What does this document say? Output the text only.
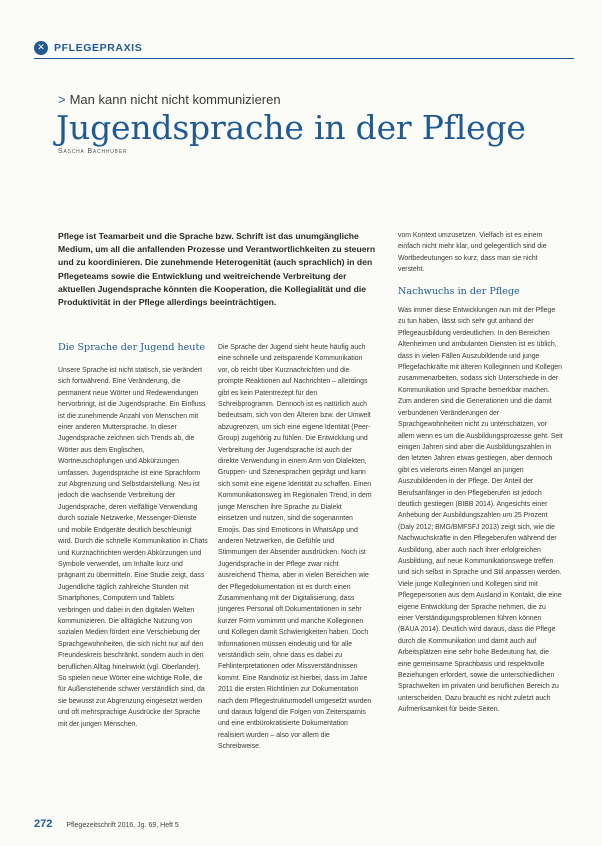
✕ PFLEGEPRAXIS
> Man kann nicht nicht kommunizieren
Jugendsprache in der Pflege
Sascha Bachhuber

Pflege ist Teamarbeit und die Sprache bzw. Schrift ist das unumgängliche Medium, um all die anfallenden Prozesse und Verantwortlichkeiten zu steuern und zu koordinieren. Die zunehmende Heterogenität (auch sprachlich) in den Pflegeteams sowie die Entwicklung und weitreichende Verbreitung der aktuellen Jugendsprache könnten die Kooperation, die Kollegialität und die Produktivität in der Pflege allerdings beeinträchtigen.

Die Sprache der Jugend heute

Unsere Sprache ist nicht statisch, sie verändert sich fortwährend. Eine Veränderung, die permanent neue Wörter und Redewendungen hervorbringt, ist die Jugendsprache. Ein Einfluss ist die zunehmende Anzahl von Menschen mit einer anderen Muttersprache. In dieser Jugendsprache zeichnen sich Trends ab, die Wörter aus dem Englischen, Wortneuschöpfungen und Abkürzungen umfassen. Jugendsprache ist eine Sprachform zur Abgrenzung und Selbstdarstellung. Neu ist jedoch die wachsende Verbreitung der Jugendsprache, deren vielfältige Verwendung durch soziale Netzwerke, Messenger-Dienste und mobile Endgeräte deutlich beschleunigt wird. Durch die schnelle Kommunikation in Chats und Kurznachrichten werden Abkürzungen und Symbole verwendet, um Inhalte kurz und prägnant zu übermitteln. Eine Studie zeigt, dass Jugendliche täglich zahlreiche Stunden mit Smartphones, Computern und Tablets verbringen und dabei in den digitalen Welten kommunizieren. Die alltägliche Nutzung von sozialen Medien fördert eine Verschiebung der Sprachgewohnheiten, die sich nicht nur auf den Freundeskreis beschränkt, sondern auch in den beruflichen Alltag hineinwirkt (vgl. Oberlander). So spielen neue Wörter eine wichtige Rolle, die für Außenstehende schwer verständlich sind, da sie bewusst zur Abgrenzung eingesetzt werden und oft mehrsprachige Ausdrücke der Sprache mit der jungen Menschen.

Die Sprache der Jugend sieht heute häufig auch eine schnelle und zeitsparende Kommunikation vor, ob reicht über Kurznachrichten und die prompte Reaktionen auf Nachrichten – allerdings gibt es kein Patentrezept für den Schreibprogramm. Dennoch ist es natürlich auch bedeutsam, sich von den Älteren bzw. der Umwelt abzugrenzen, um sich eine eigene Identität (Peer-Group) zugehörig zu fühlen. Die Entwicklung und Verbreitung der Jugendsprache ist auch der direkte Verwendung in einem Arm von Dialekten, Gruppen- und Szenesprachen geprägt und kann sich somit eine eigene Identität zu schaffen. Einen Kommunikationsweg im Regionalen Trend, in dem junge Menschen ihre Sprache zu Dialekt einsetzen und nutzen, sind die sogenannten Emojis. Das sind Emoticons in WhatsApp und anderen Netzwerken, die Gefühle und Stimmungen der Absender ausdrücken. Noch ist Jugendsprache in der Pflege zwar nicht ausreichend Thema, aber in vielen Bereichen wie der Pflegedokumentation ist es durch einen Zusammenhang mit der Digitalisierung, dass jüngeres Personal oft Dokumentationen in sehr kurzer Form vornimmt und manche Kolleginnen und Kollegen damit Schwierigkeiten haben. Doch Informationen müssen eindeutig und für alle verständlich sein, ohne dass es dabei zu Fehlinterpretationen oder Missverständnissen kommt. Eine Randnotiz ist hierbei, dass im Jahre 2011 die ersten Richtlinien zur Dokumentation nach dem Pflegestrukturmodell umgesetzt wurden und daraus folgend die Folgen von Zeitersparnis und eine entbürokratisierte Dokumentation realisiert wurden – also vor allem die Schreibweise.

vom Kontext umzusetzen. Vielfach ist es einem einfach nicht mehr klar, und gelegentlich sind die Wortbedeutungen so kurz, dass man sie nicht versteht.

Nachwuchs in der Pflege

Was immer diese Entwicklungen nun mit der Pflege zu tun haben, lässt sich sehr gut anhand der Pflegeausbildung verdeutlichen. In den Bereichen Altenheimen und ambulanten Diensten ist es üblich, dass in vielen Fällen Auszubildende und junge Pflegefachkräfte mit älteren Kolleginnen und Kollegen zusammenarbeiten, sodass sich Unterschiede in der Kommunikation und Sprache bemerkbar machen. Zum anderen sind die Generationen und die damit verbundenen Veränderungen der Sprachgewohnheiten nicht zu unterschätzen, vor allem wenn es um die Ausbildungsprozesse geht. Seit einigen Jahren sind aber die Ausbildungszahlen in den letzten Jahren etwas gestiegen, aber dennoch gibt es vielerorts einen Mangel an jungen Auszubildenden in der Pflege. Der Anteil der Berufsanfänger in den Pflegeberufen ist jedoch deutlich gestiegen (BIBB 2014). Angesichts einer Anhebung der Ausbildungszahlen um 25 Prozent (Daly 2012; BMG/BMFSFJ 2013) zeigt sich, wie die Nachwuchskräfte in den Pflegeberufen während der Ausbildung, aber auch nach ihrer erfolgreichen Ausbildung, auf neue Kommunikationswege treffen und sich selbst in Sprache und Stil anpassen werden. Viele junge Kolleginnen und Kollegen sind mit Pflegepersonen aus dem Ausland in Kontakt, die eine eigene Entwicklung der Sprache nehmen, die zu einer Verständigungsproblemen führen können (BAUA 2014). Deutlich wird daraus, dass die Pflege durch die Kommunikation und damit auch auf Arbeitsplätzen eine sehr hohe Bedeutung hat, die eine gemeinsame Sprachbasis und respektvolle Beziehungen erfordert, sowie die unterschiedlichen Sprachwelten im privaten und beruflichen Bereich zu unterscheiden. Dazu braucht es nicht zuletzt auch Aufmerksamkeit für beide Seiten.

272 Pflegezeitschrift 2016, Jg. 69, Heft 5
